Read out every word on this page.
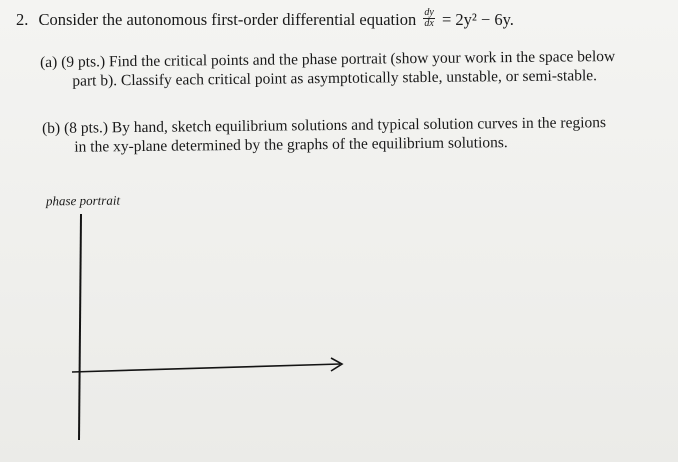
2. Consider the autonomous first-order differential equation $\frac{dy}{dx} = 2y^2 - 6y$.
(a) (9 pts.) Find the critical points and the phase portrait (show your work in the space below
part b). Classify each critical point as asymptotically stable, unstable, or semi-stable.
(b) (8 pts.) By hand, sketch equilibrium solutions and typical solution curves in the regions
in the xy-plane determined by the graphs of the equilibrium solutions.
phase portrait
